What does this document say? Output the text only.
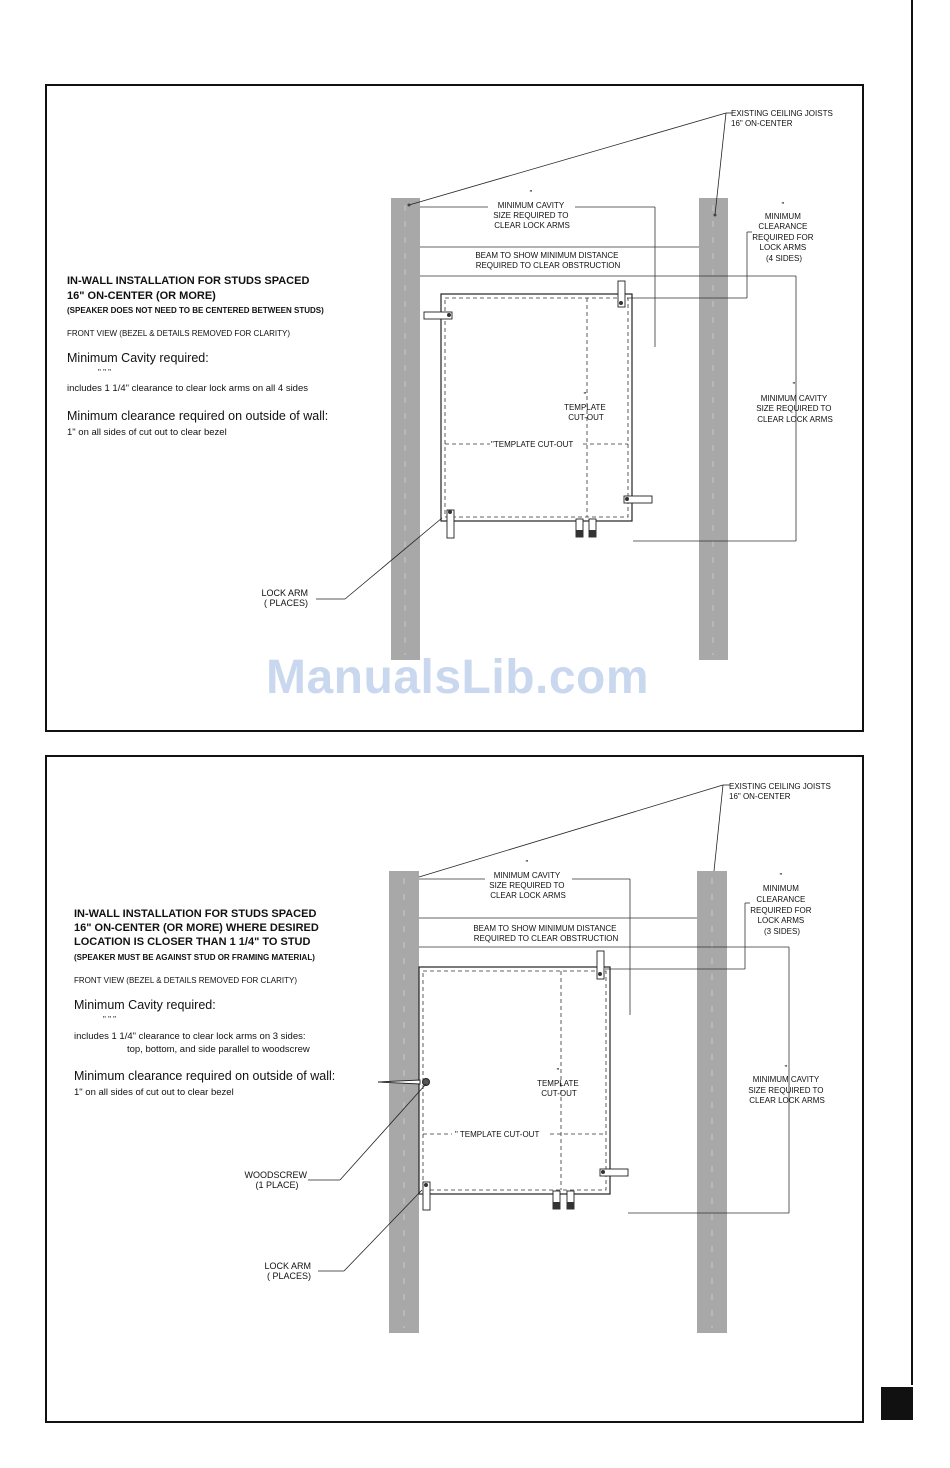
EXISTING CEILING JOISTS 16" ON-CENTER
" MINIMUM CAVITY SIZE REQUIRED TO CLEAR LOCK ARMS
" MINIMUM CLEARANCE REQUIRED FOR LOCK ARMS (4 SIDES)
BEAM TO SHOW MINIMUM DISTANCE REQUIRED TO CLEAR OBSTRUCTION
IN-WALL INSTALLATION FOR STUDS SPACED 16" ON-CENTER (OR MORE)
(SPEAKER DOES NOT NEED TO BE CENTERED BETWEEN STUDS)
FRONT VIEW (BEZEL & DETAILS REMOVED FOR CLARITY)
Minimum Cavity required:
" " "
includes 1 1/4" clearance to clear lock arms on all 4 sides
Minimum clearance required on outside of wall:
1" on all sides of cut out to clear bezel
" TEMPLATE CUT-OUT
"TEMPLATE CUT-OUT
" MINIMUM CAVITY SIZE REQUIRED TO CLEAR LOCK ARMS
LOCK ARM ( PLACES)
EXISTING CEILING JOISTS 16" ON-CENTER
" MINIMUM CAVITY SIZE REQUIRED TO CLEAR LOCK ARMS
" MINIMUM CLEARANCE REQUIRED FOR LOCK ARMS (3 SIDES)
BEAM TO SHOW MINIMUM DISTANCE REQUIRED TO CLEAR OBSTRUCTION
IN-WALL INSTALLATION FOR STUDS SPACED 16" ON-CENTER (OR MORE) WHERE DESIRED LOCATION IS CLOSER THAN 1 1/4" TO STUD
(SPEAKER MUST BE AGAINST STUD OR FRAMING MATERIAL)
FRONT VIEW (BEZEL & DETAILS REMOVED FOR CLARITY)
Minimum Cavity required:
" " "
includes 1 1/4" clearance to clear lock arms on 3 sides: top, bottom, and side parallel to woodscrew
Minimum clearance required on outside of wall:
1" on all sides of cut out to clear bezel
" TEMPLATE CUT-OUT
" TEMPLATE CUT-OUT
" MINIMUM CAVITY SIZE REQUIRED TO CLEAR LOCK ARMS
WOODSCREW (1 PLACE)
LOCK ARM ( PLACES)
ManualsLib.com
